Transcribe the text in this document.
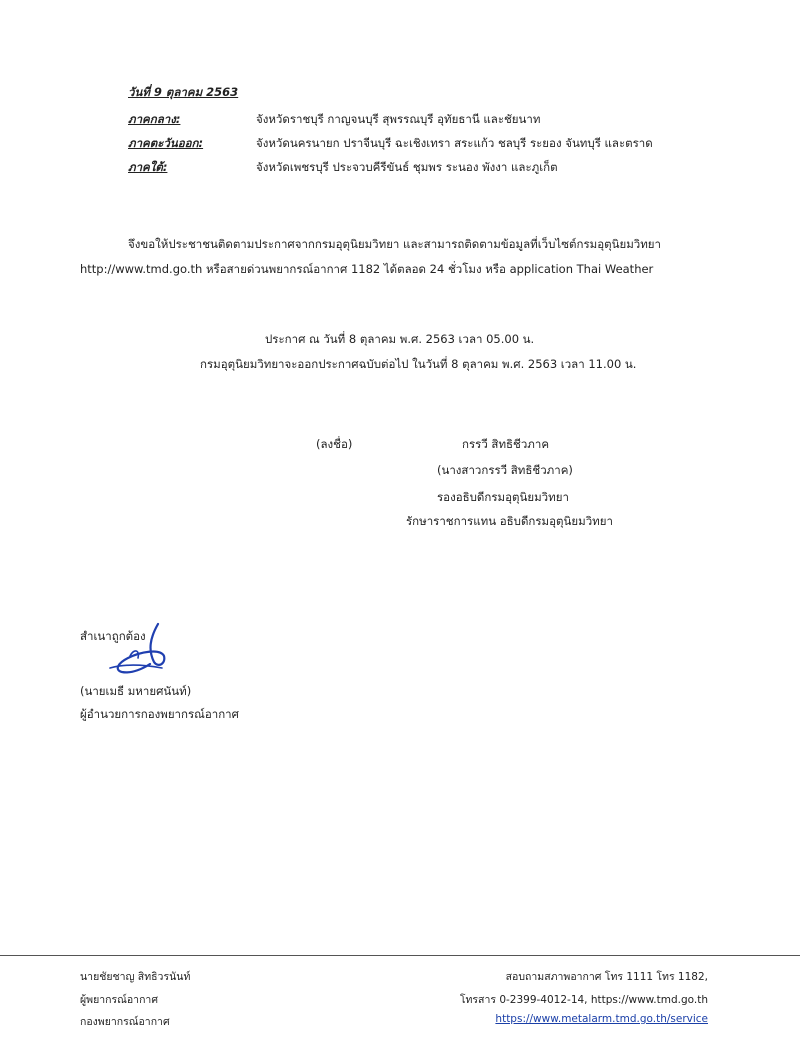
วันที่ 9 ตุลาคม 2563
ภาคกลาง:	จังหวัดราชบุรี กาญจนบุรี สุพรรณบุรี อุทัยธานี และชัยนาท
ภาคตะวันออก:	จังหวัดนครนายก ปราจีนบุรี ฉะเชิงเทรา สระแก้ว ชลบุรี ระยอง จันทบุรี และตราด
ภาคใต้:	จังหวัดเพชรบุรี ประจวบคีรีขันธ์ ชุมพร ระนอง พังงา และภูเก็ต
จึงขอให้ประชาชนติดตามประกาศจากกรมอุตุนิยมวิทยา และสามารถติดตามข้อมูลที่เว็บไซต์กรมอุตุนิยมวิทยา
http://www.tmd.go.th หรือสายด่วนพยากรณ์อากาศ 1182 ได้ตลอด 24 ชั่วโมง หรือ application Thai Weather
ประกาศ ณ วันที่ 8 ตุลาคม พ.ศ. 2563 เวลา 05.00 น.
กรมอุตุนิยมวิทยาจะออกประกาศฉบับต่อไป ในวันที่ 8 ตุลาคม พ.ศ. 2563 เวลา 11.00 น.
(ลงชื่อ)	กรรวี สิทธิชีวภาค
(นางสาวกรรวี สิทธิชีวภาค)
รองอธิบดีกรมอุตุนิยมวิทยา
รักษาราชการแทน อธิบดีกรมอุตุนิยมวิทยา
สำเนาถูกต้อง
(นายเมธี มหายศนันท์)
ผู้อำนวยการกองพยากรณ์อากาศ
นายชัยชาญ สิทธิวรนันท์
ผู้พยากรณ์อากาศ
กองพยากรณ์อากาศ
สอบถามสภาพอากาศ โทร 1111 โทร 1182,
โทรสาร 0-2399-4012-14, https://www.tmd.go.th
https://www.metalarm.tmd.go.th/service
